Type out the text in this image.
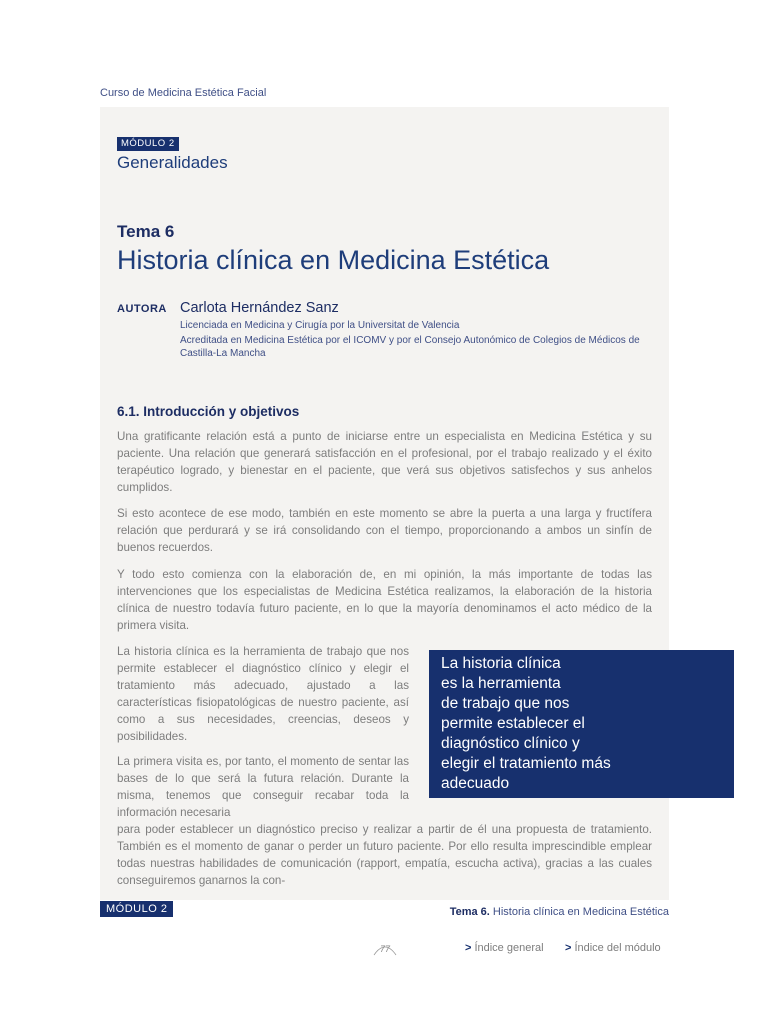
Curso de Medicina Estética Facial
MÓDULO 2
Generalidades
Tema 6
Historia clínica en Medicina Estética
AUTORA Carlota Hernández Sanz
Licenciada en Medicina y Cirugía por la Universitat de Valencia
Acreditada en Medicina Estética por el ICOMV y por el Consejo Autonómico de Colegios de Médicos de Castilla-La Mancha
6.1. Introducción y objetivos

Una gratificante relación está a punto de iniciarse entre un especialista en Medicina Estética y su paciente. Una relación que generará satisfacción en el profesional, por el trabajo realizado y el éxito terapéutico logrado, y bienestar en el paciente, que verá sus objetivos satisfechos y sus anhelos cumplidos.

Si esto acontece de ese modo, también en este momento se abre la puerta a una larga y fructífera relación que perdurará y se irá consolidando con el tiempo, proporcionando a ambos un sinfín de buenos recuerdos.

Y todo esto comienza con la elaboración de, en mi opinión, la más importante de todas las intervenciones que los especialistas de Medicina Estética realizamos, la elaboración de la historia clínica de nuestro todavía futuro paciente, en lo que la mayoría denominamos el acto médico de la primera visita.

La historia clínica es la herramienta de trabajo que nos permite establecer el diagnóstico clínico y elegir el tratamiento más adecuado, ajustado a las características fisiopatológicas de nuestro paciente, así como a sus necesidades, creencias, deseos y posibilidades.

La primera visita es, por tanto, el momento de sentar las bases de lo que será la futura relación. Durante la misma, tenemos que conseguir recabar toda la información necesaria

para poder establecer un diagnóstico preciso y realizar a partir de él una propuesta de tratamiento. También es el momento de ganar o perder un futuro paciente. Por ello resulta imprescindible emplear todas nuestras habilidades de comunicación (rapport, empatía, escucha activa), gracias a las cuales conseguiremos ganarnos la con-

La historia clínica
es la herramienta
de trabajo que nos
permite establecer el
diagnóstico clínico y
elegir el tratamiento más
adecuado
MÓDULO 2	Tema 6. Historia clínica en Medicina Estética
77	> Índice general > Índice del módulo
